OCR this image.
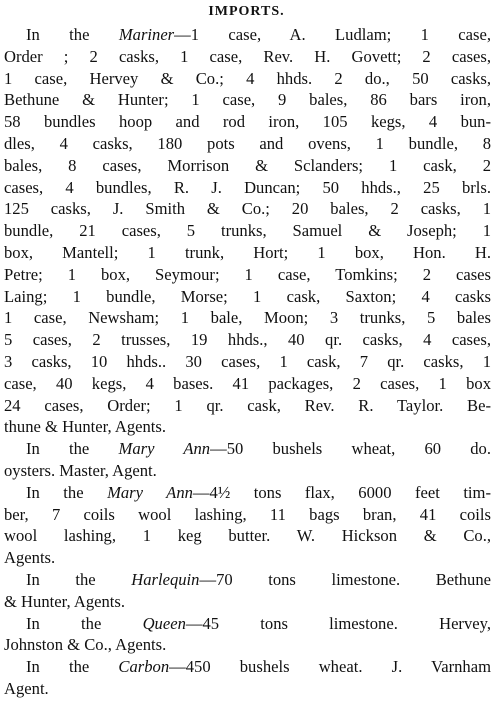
IMPORTS.
In the Mariner—1 case, A. Ludlam; 1 case,
Order ; 2 casks, 1 case, Rev. H. Govett; 2 cases,
1 case, Hervey & Co.; 4 hhds. 2 do., 50 casks,
Bethune & Hunter; 1 case, 9 bales, 86 bars iron,
58 bundles hoop and rod iron, 105 kegs, 4 bun-
dles, 4 casks, 180 pots and ovens, 1 bundle, 8
bales, 8 cases, Morrison & Sclanders; 1 cask, 2
cases, 4 bundles, R. J. Duncan; 50 hhds., 25 brls.
125 casks, J. Smith & Co.; 20 bales, 2 casks, 1
bundle, 21 cases, 5 trunks, Samuel & Joseph; 1
box, Mantell; 1 trunk, Hort; 1 box, Hon. H.
Petre; 1 box, Seymour; 1 case, Tomkins; 2 cases
Laing; 1 bundle, Morse; 1 cask, Saxton; 4 casks
1 case, Newsham; 1 bale, Moon; 3 trunks, 5 bales
5 cases, 2 trusses, 19 hhds., 40 qr. casks, 4 cases,
3 casks, 10 hhds.. 30 cases, 1 cask, 7 qr. casks, 1
case, 40 kegs, 4 bases. 41 packages, 2 cases, 1 box
24 cases, Order; 1 qr. cask, Rev. R. Taylor. Be-
thune & Hunter, Agents.
In the Mary Ann—50 bushels wheat, 60 do.
oysters. Master, Agent.
In the Mary Ann—4½ tons flax, 6000 feet tim-
ber, 7 coils wool lashing, 11 bags bran, 41 coils
wool lashing, 1 keg butter. W. Hickson & Co.,
Agents.
In the Harlequin—70 tons limestone. Bethune
& Hunter, Agents.
In the Queen—45 tons limestone. Hervey,
Johnston & Co., Agents.
In the Carbon—450 bushels wheat. J. Varnham
Agent.
